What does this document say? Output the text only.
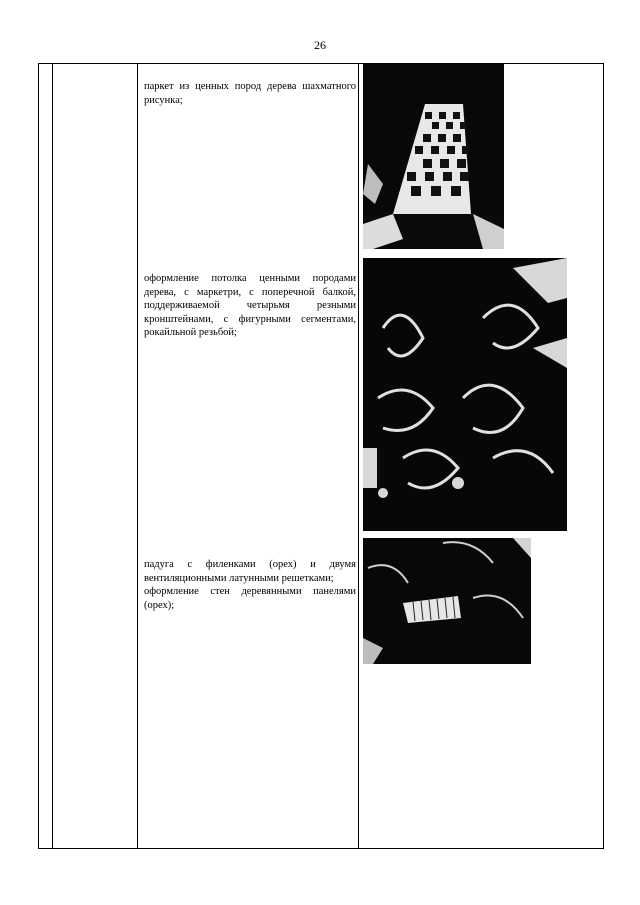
26
паркет из ценных пород дерева шахматного рисунка;
оформление потолка ценными породами дерева, с маркетри, с поперечной балкой, поддерживаемой четырьмя резными кронштейнами, с фигурными сегментами, рокайльной резьбой;
падуга с филенками (орех) и двумя вентиляционными латунными решетками;
оформление стен деревянными панелями (орех);
